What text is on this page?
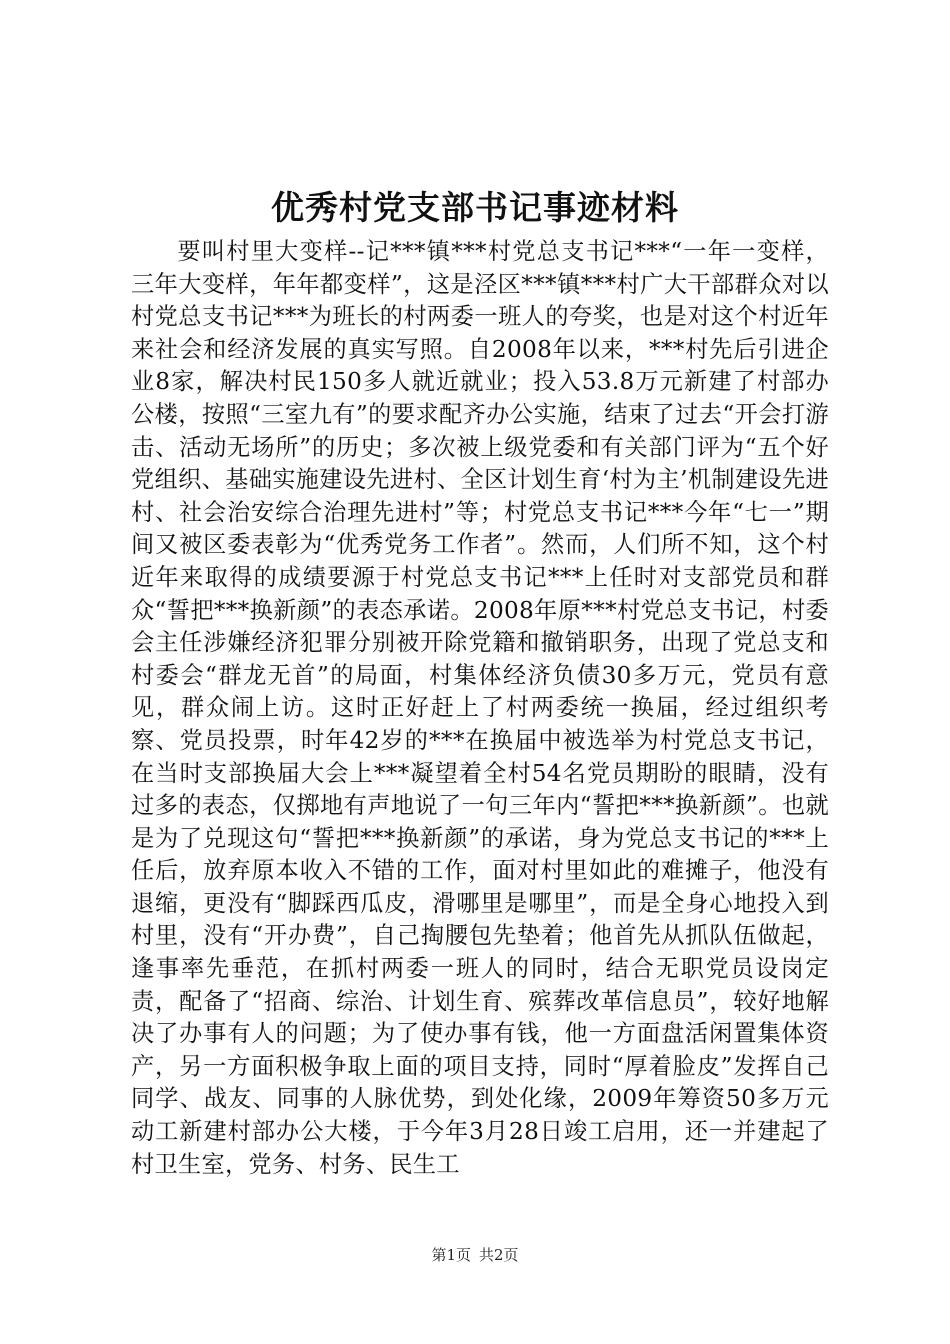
优秀村党支部书记事迹材料

要叫村里大变样--记***镇***村党总支书记***“一年一变样，三年大变样，年年都变样”，这是泾区***镇***村广大干部群众对以村党总支书记***为班长的村两委一班人的夸奖，也是对这个村近年来社会和经济发展的真实写照。自2008年以来，***村先后引进企业8家，解决村民150多人就近就业；投入53.8万元新建了村部办公楼，按照“三室九有”的要求配齐办公实施，结束了过去“开会打游击、活动无场所”的历史；多次被上级党委和有关部门评为“五个好党组织、基础实施建设先进村、全区计划生育‘村为主’机制建设先进村、社会治安综合治理先进村”等；村党总支书记***今年“七一”期间又被区委表彰为“优秀党务工作者”。然而，人们所不知，这个村近年来取得的成绩要源于村党总支书记***上任时对支部党员和群众“誓把***换新颜”的表态承诺。2008年原***村党总支书记，村委会主任涉嫌经济犯罪分别被开除党籍和撤销职务，出现了党总支和村委会“群龙无首”的局面，村集体经济负债30多万元，党员有意见，群众闹上访。这时正好赶上了村两委统一换届，经过组织考察、党员投票，时年42岁的***在换届中被选举为村党总支书记，在当时支部换届大会上***凝望着全村54名党员期盼的眼睛，没有过多的表态，仅掷地有声地说了一句三年内“誓把***换新颜”。也就是为了兑现这句“誓把***换新颜”的承诺，身为党总支书记的***上任后，放弃原本收入不错的工作，面对村里如此的难摊子，他没有退缩，更没有“脚踩西瓜皮，滑哪里是哪里”，而是全身心地投入到村里，没有“开办费”，自己掏腰包先垫着；他首先从抓队伍做起，逢事率先垂范，在抓村两委一班人的同时，结合无职党员设岗定责，配备了“招商、综治、计划生育、殡葬改革信息员”，较好地解决了办事有人的问题；为了使办事有钱，他一方面盘活闲置集体资产，另一方面积极争取上面的项目支持，同时“厚着脸皮”发挥自己同学、战友、同事的人脉优势，到处化缘，2009年筹资50多万元动工新建村部办公大楼，于今年3月28日竣工启用，还一并建起了村卫生室，党务、村务、民生工

第1页 共2页
